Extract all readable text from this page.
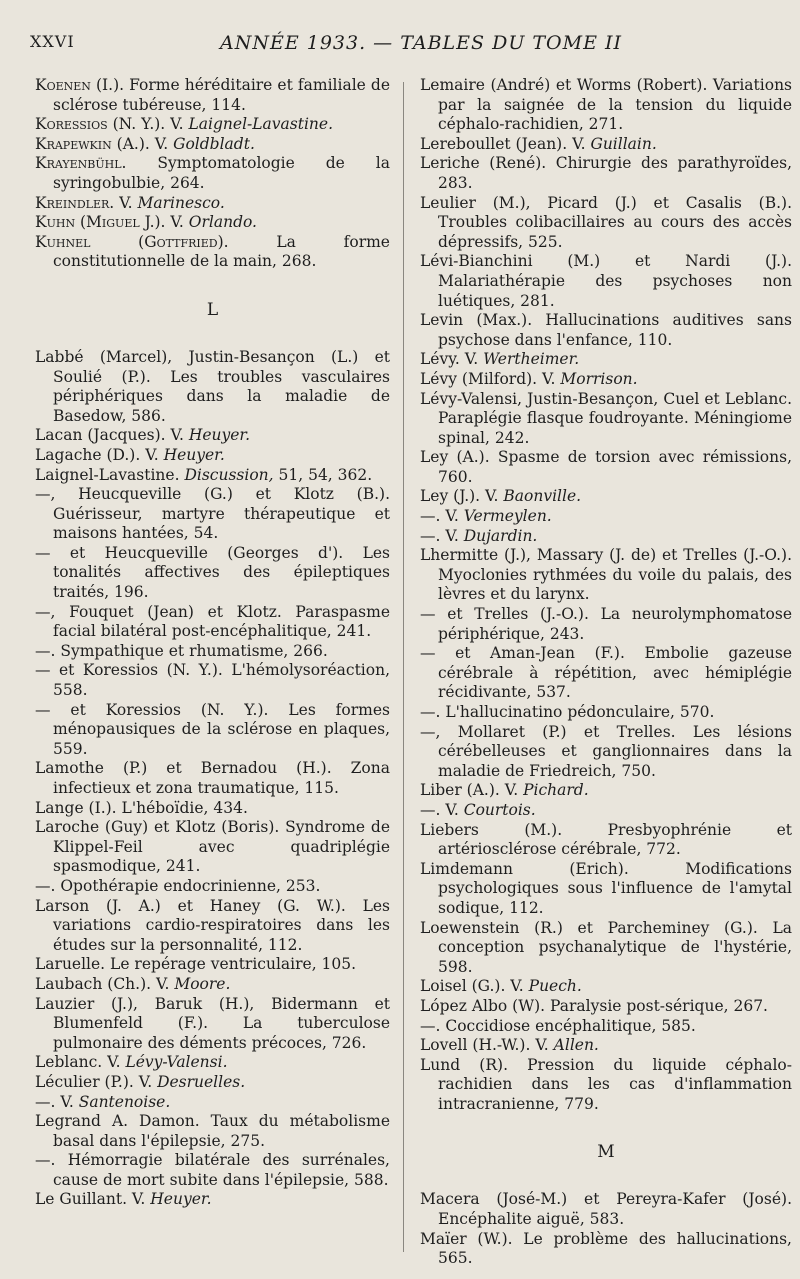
XXVI	ANNÉE 1933. — TABLES DU TOME II
Koenen (I.). Forme héréditaire et familiale de sclérose tubéreuse, 114.
Koressios (N. Y.). V. Laignel-Lavastine.
Krapewkin (A.). V. Goldbladt.
Krayenbühl. Symptomatologie de la syringobulbie, 264.
Kreindler. V. Marinesco.
Kuhn (Miguel J.). V. Orlando.
Kuhnel (Gottfried). La forme constitutionnelle de la main, 268.
L
Labbé (Marcel), Justin-Besançon (L.) et Soulié (P.). Les troubles vasculaires périphériques dans la maladie de Basedow, 586.
Lacan (Jacques). V. Heuyer.
Lagache (D.). V. Heuyer.
Laignel-Lavastine. Discussion, 51, 54, 362.
—, Heucqueville (G.) et Klotz (B.). Guérisseur, martyre thérapeutique et maisons hantées, 54.
— et Heucqueville (Georges d'). Les tonalités affectives des épileptiques traités, 196.
—, Fouquet (Jean) et Klotz. Paraspasme facial bilatéral post-encéphalitique, 241.
—. Sympathique et rhumatisme, 266.
— et Koressios (N. Y.). L'hémolysoréaction, 558.
— et Koressios (N. Y.). Les formes ménopausiques de la sclérose en plaques, 559.
Lamothe (P.) et Bernadou (H.). Zona infectieux et zona traumatique, 115.
Lange (I.). L'héboïdie, 434.
Laroche (Guy) et Klotz (Boris). Syndrome de Klippel-Feil avec quadriplégie spasmodique, 241.
—. Opothérapie endocrinienne, 253.
Larson (J. A.) et Haney (G. W.). Les variations cardio-respiratoires dans les études sur la personnalité, 112.
Laruelle. Le repérage ventriculaire, 105.
Laubach (Ch.). V. Moore.
Lauzier (J.), Baruk (H.), Bidermann et Blumenfeld (F.). La tuberculose pulmonaire des déments précoces, 726.
Leblanc. V. Lévy-Valensi.
Léculier (P.). V. Desruelles.
—. V. Santenoise.
Legrand A. Damon. Taux du métabolisme basal dans l'épilepsie, 275.
—. Hémorragie bilatérale des surrénales, cause de mort subite dans l'épilepsie, 588.
Le Guillant. V. Heuyer.
Lemaire (André) et Worms (Robert). Variations par la saignée de la tension du liquide céphalo-rachidien, 271.
Lereboullet (Jean). V. Guillain.
Leriche (René). Chirurgie des parathyroïdes, 283.
Leulier (M.), Picard (J.) et Casalis (B.). Troubles colibacillaires au cours des accès dépressifs, 525.
Lévi-Bianchini (M.) et Nardi (J.). Malariathérapie des psychoses non luétiques, 281.
Levin (Max.). Hallucinations auditives sans psychose dans l'enfance, 110.
Lévy. V. Wertheimer.
Lévy (Milford). V. Morrison.
Lévy-Valensi, Justin-Besançon, Cuel et Leblanc. Paraplégie flasque foudroyante. Méningiome spinal, 242.
Ley (A.). Spasme de torsion avec rémissions, 760.
Ley (J.). V. Baonville.
—. V. Vermeylen.
—. V. Dujardin.
Lhermitte (J.), Massary (J. de) et Trelles (J.-O.). Myoclonies rythmées du voile du palais, des lèvres et du larynx.
— et Trelles (J.-O.). La neurolymphomatose périphérique, 243.
— et Aman-Jean (F.). Embolie gazeuse cérébrale à répétition, avec hémiplégie récidivante, 537.
—. L'hallucinatino pédonculaire, 570.
—, Mollaret (P.) et Trelles. Les lésions cérébelleuses et ganglionnaires dans la maladie de Friedreich, 750.
Liber (A.). V. Pichard.
—. V. Courtois.
Liebers (M.). Presbyophrénie et artériosclérose cérébrale, 772.
Limdemann (Erich). Modifications psychologiques sous l'influence de l'amytal sodique, 112.
Loewenstein (R.) et Parcheminey (G.). La conception psychanalytique de l'hystérie, 598.
Loisel (G.). V. Puech.
López Albo (W). Paralysie post-sérique, 267.
—. Coccidiose encéphalitique, 585.
Lovell (H.-W.). V. Allen.
Lund (R). Pression du liquide céphalo-rachidien dans les cas d'inflammation intracranienne, 779.
M
Macera (José-M.) et Pereyra-Kafer (José). Encéphalite aiguë, 583.
Maïer (W.). Le problème des hallucinations, 565.
